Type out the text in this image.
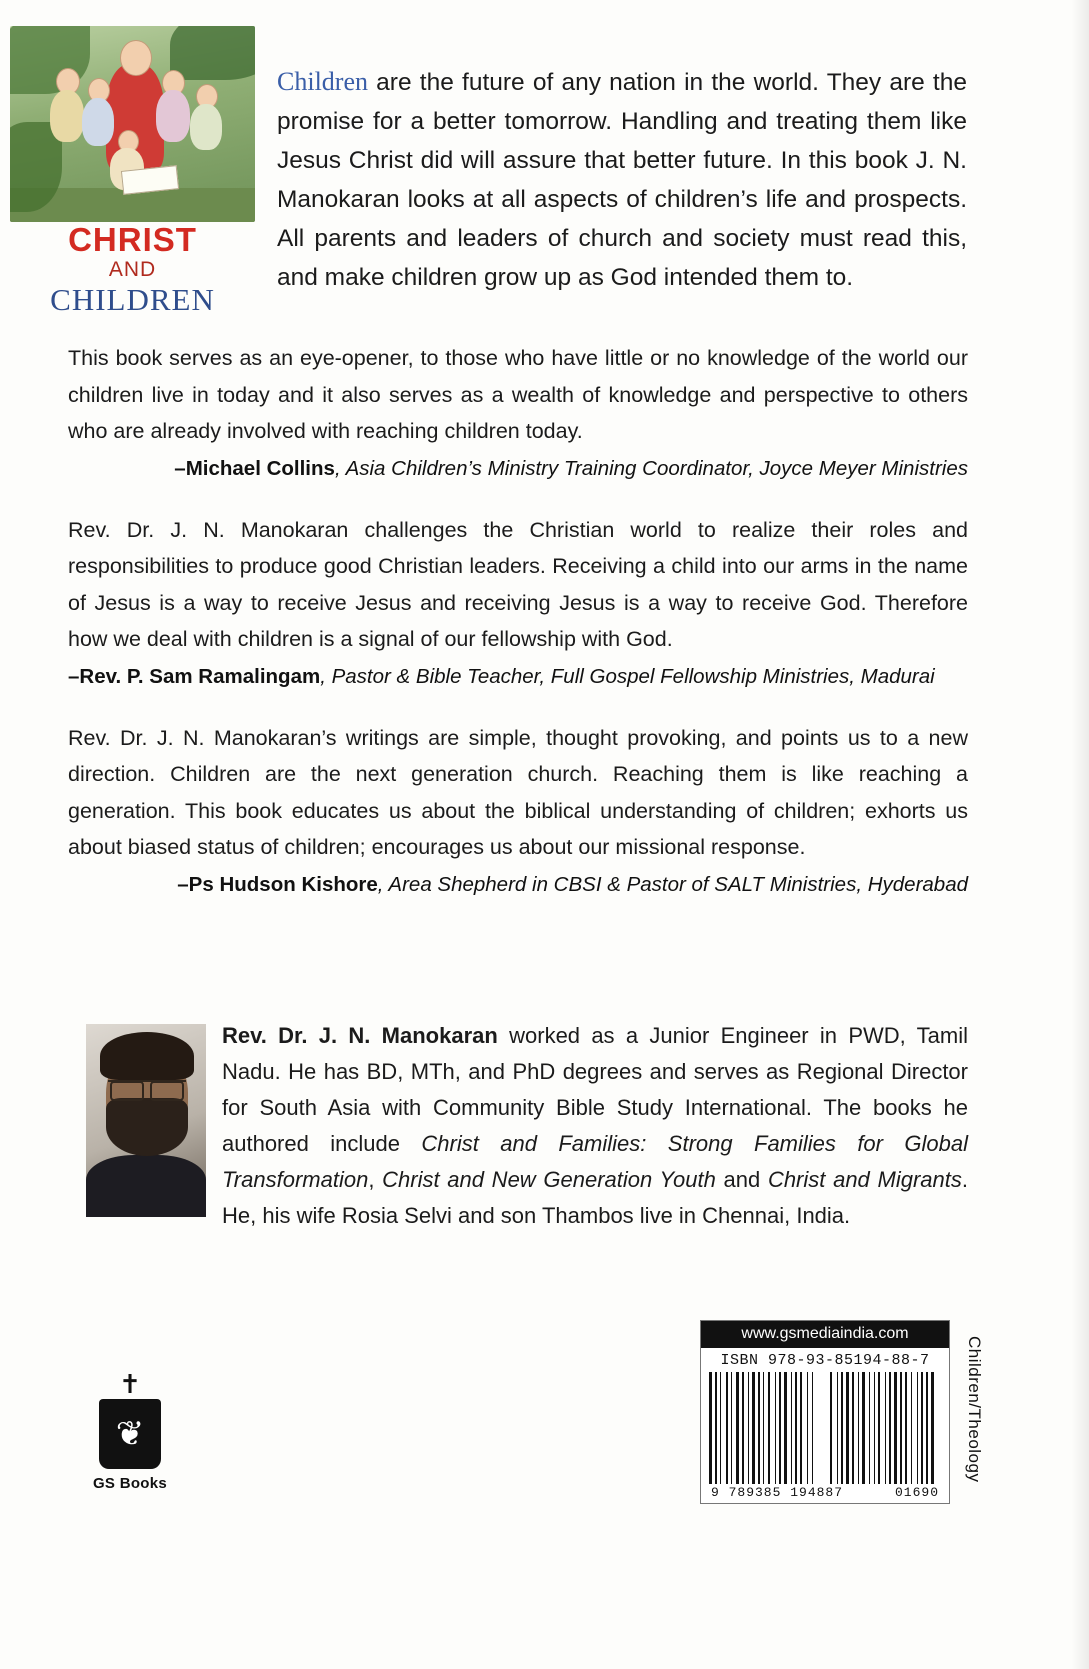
CHRIST
AND
CHILDREN
Children are the future of any nation in the world. They are the promise for a better tomorrow. Handling and treating them like Jesus Christ did will assure that better future. In this book J. N. Manokaran looks at all aspects of children’s life and prospects. All parents and leaders of church and society must read this, and make children grow up as God intended them to.

This book serves as an eye-opener, to those who have little or no knowledge of the world our children live in today and it also serves as a wealth of knowledge and perspective to others who are already involved with reaching children today.

–Michael Collins, Asia Children’s Ministry Training Coordinator, Joyce Meyer Ministries

Rev. Dr. J. N. Manokaran challenges the Christian world to realize their roles and responsibilities to produce good Christian leaders. Receiving a child into our arms in the name of Jesus is a way to receive Jesus and receiving Jesus is a way to receive God. Therefore how we deal with children is a signal of our fellowship with God.

–Rev. P. Sam Ramalingam, Pastor & Bible Teacher, Full Gospel Fellowship Ministries, Madurai

Rev. Dr. J. N. Manokaran’s writings are simple, thought provoking, and points us to a new direction. Children are the next generation church. Reaching them is like reaching a generation. This book educates us about the biblical understanding of children; exhorts us about biased status of children; encourages us about our missional response.

–Ps Hudson Kishore, Area Shepherd in CBSI & Pastor of SALT Ministries, Hyderabad
Rev. Dr. J. N. Manokaran worked as a Junior Engineer in PWD, Tamil Nadu. He has BD, MTh, and PhD degrees and serves as Regional Director for South Asia with Community Bible Study International. The books he authored include Christ and Families: Strong Families for Global Transformation, Christ and New Generation Youth and Christ and Migrants. He, his wife Rosia Selvi and son Thambos live in Chennai, India.
✝
❦
GS Books
www.gsmediaindia.com
ISBN 978-93-85194-88-7
9 789385 194887	01690
Children/Theology
